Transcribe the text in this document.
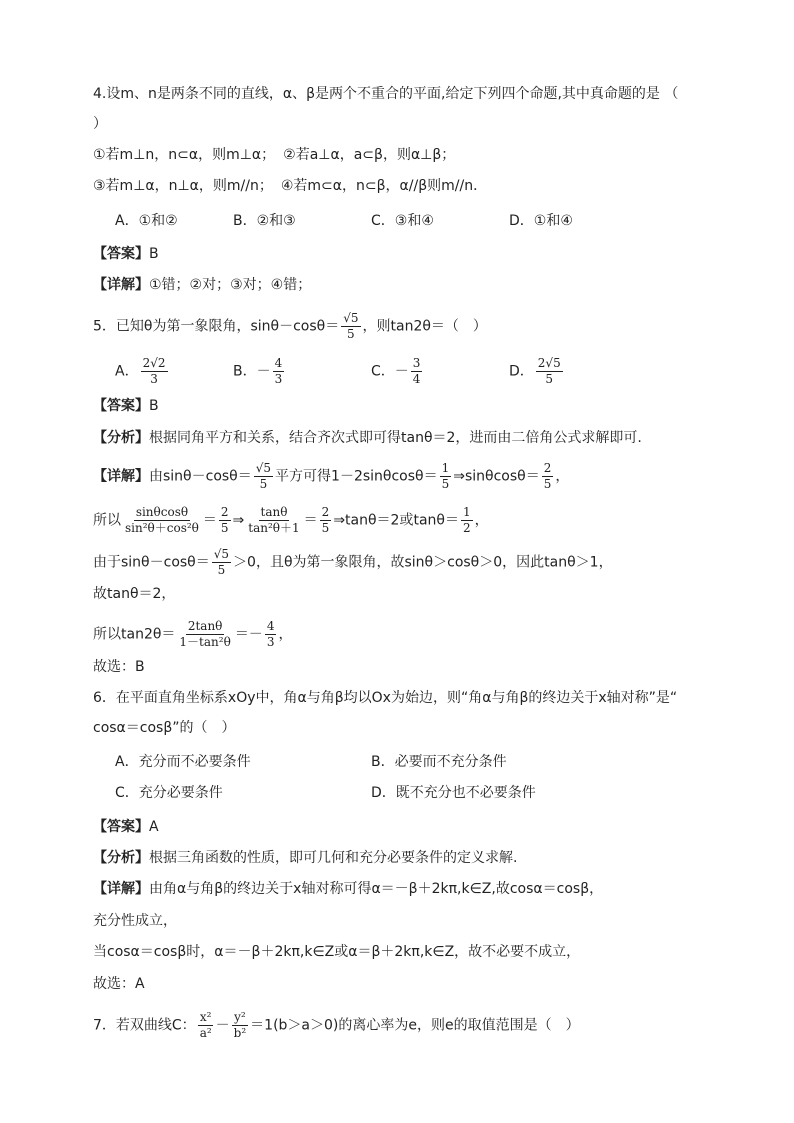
4.设m、n是两条不同的直线，α、β是两个不重合的平面,给定下列四个命题,其中真命题的是 （
）
①若m⊥n，n⊂α，则m⊥α； ②若a⊥α，a⊂β，则α⊥β；
③若m⊥α，n⊥α，则m//n； ④若m⊂α，n⊂β，α//β则m//n．
A．①和②	B．②和③	C．③和④	D．①和④
【答案】B
【详解】①错；②对；③对；④错；
5．已知θ为第一象限角，$\sin\theta-\cos\theta= \frac{√5}{5}$ ，则tan2θ＝（　）
A． $\frac{2√2}{3}$	B．－ $\frac{4}{3}$	C．－ $\frac{3}{4}$	D． $\frac{2√5}{5}$
【答案】B
【分析】根据同角平方和关系，结合齐次式即可得tanθ＝2，进而由二倍角公式求解即可.
【详解】由$\sin\theta-\cos\theta= \frac{√5}{5}$ 平方可得$1-2\sin\theta\cos\theta= \frac{1}{5}$ ⇒sinθcosθ＝ $\frac{2}{5}$ ，
所以 $\frac{\sin\theta\cos\theta}{\text{sin²θ＋cos²θ}} = \frac{2}{5}$ ⇒ $\frac{\tan\theta}{\text{tan²θ＋1}} = \frac{2}{5}$ ⇒tanθ＝2或$\tan\theta= \frac{1}{2}$ ，
由于$\sin\theta-\cos\theta= \frac{√5}{5} >0$，且θ为第一象限角，故sinθ＞cosθ＞0，因此tanθ＞1，
故tanθ＝2，
所以$\tan 2\theta= \frac{2\tan\theta}{\text{1－tan²θ}} =- \frac{4}{3}$ ，
故选：B
6．在平面直角坐标系xOy中，角α与角β均以Ox为始边，则“角α与角β的终边关于x轴对称”是“
cosα＝cosβ”的（　）
A．充分而不必要条件	B．必要而不充分条件
C．充分必要条件	D．既不充分也不必要条件
【答案】A
【分析】根据三角函数的性质，即可几何和充分必要条件的定义求解.
【详解】由角α与角β的终边关于x轴对称可得α＝－β＋2kπ,k∈Z,故cosα＝cosβ，
充分性成立，
当cosα＝cosβ时，α＝－β＋2kπ,k∈Z或α＝β＋2kπ,k∈Z，故不必要不成立，
故选：A
7．若双曲线C： $\frac{\text{x²}}{\text{a²}} - \frac{\text{y²}}{\text{b²}} =1(b>a>0)$的离心率为e，则e的取值范围是（　）
